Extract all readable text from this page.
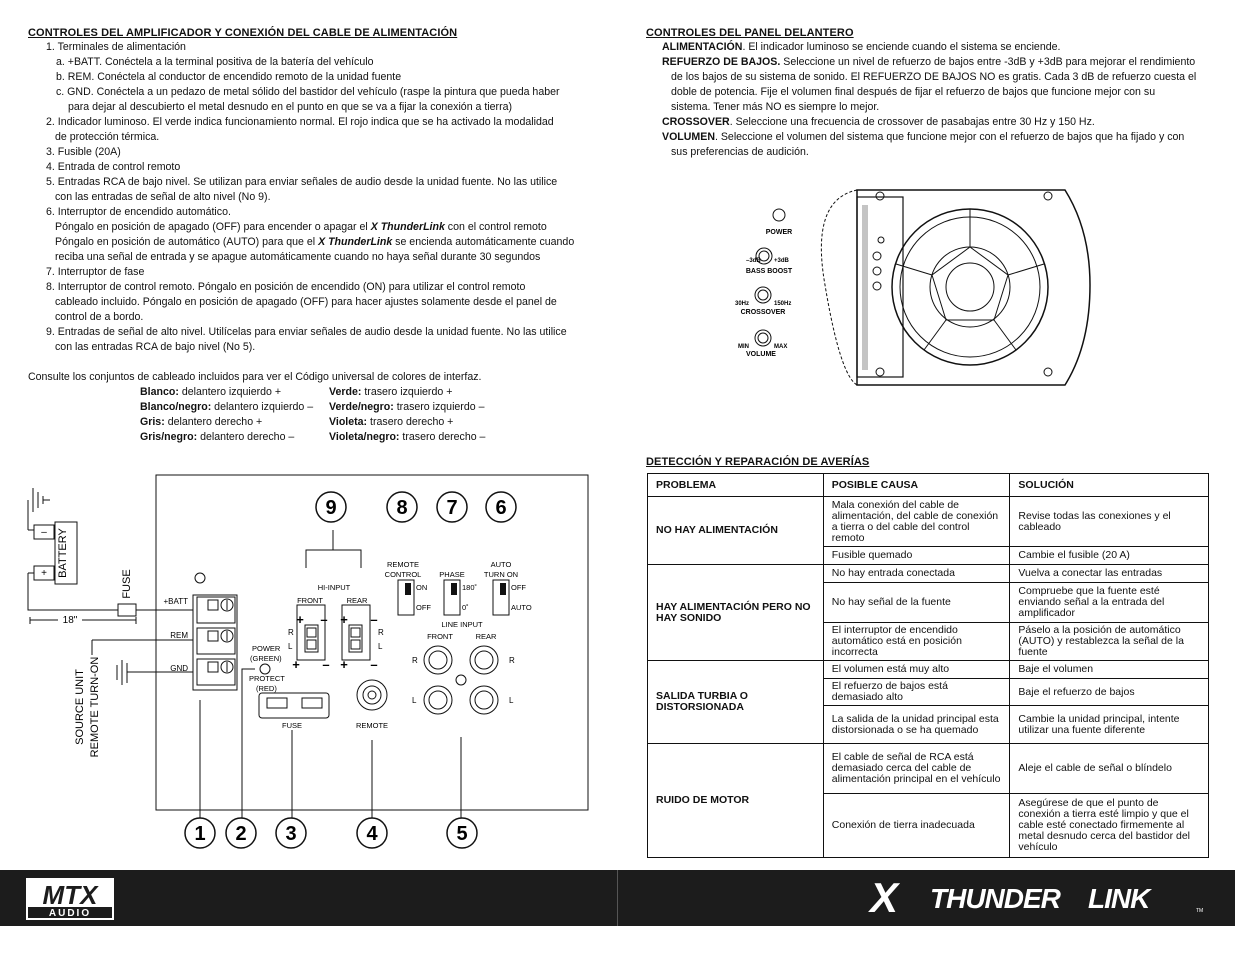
CONTROLES DEL AMPLIFICADOR Y CONEXIÓN DEL CABLE DE ALIMENTACIÓN
1. Terminales de alimentación
a. +BATT. Conéctela a la terminal positiva de la batería del vehículo
b. REM. Conéctela al conductor de encendido remoto de la unidad fuente
c. GND. Conéctela a un pedazo de metal sólido del bastidor del vehículo (raspe la pintura que pueda haber
para dejar al descubierto el metal desnudo en el punto en que se va a fijar la conexión a tierra)
2. Indicador luminoso. El verde indica funcionamiento normal. El rojo indica que se ha activado la modalidad
de protección térmica.
3. Fusible (20A)
4. Entrada de control remoto
5. Entradas RCA de bajo nivel. Se utilizan para enviar señales de audio desde la unidad fuente. No las utilice
con las entradas de señal de alto nivel (No 9).
6. Interruptor de encendido automático.
Póngalo en posición de apagado (OFF) para encender o apagar el X ThunderLink con el control remoto
Póngalo en posición de automático (AUTO) para que el X ThunderLink se encienda automáticamente cuando
reciba una señal de entrada y se apague automáticamente cuando no haya señal durante 30 segundos
7. Interruptor de fase
8. Interruptor de control remoto. Póngalo en posición de encendido (ON) para utilizar el control remoto
cableado incluido. Póngalo en posición de apagado (OFF) para hacer ajustes solamente desde el panel de
control de a bordo.
9. Entradas de señal de alto nivel. Utilícelas para enviar señales de audio desde la unidad fuente. No las utilice
con las entradas RCA de bajo nivel (No 5).
Consulte los conjuntos de cableado incluidos para ver el Código universal de colores de interfaz.
Blanco: delantero izquierdo +
Blanco/negro: delantero izquierdo –
Gris: delantero derecho +
Gris/negro: delantero derecho –
Verde: trasero izquierdo +
Verde/negro: trasero izquierdo –
Violeta: trasero derecho +
Violeta/negro: trasero derecho –
BATTERY
–
+	FUSE
18"
SOURCE UNIT REMOTE TURN-ON
+BATT
REM
GND
POWER
(GREEN)
PROTECT
(RED)
FUSE	REMOTE
REMOTE
CONTROL
ON
OFF
PHASE
180˚
0˚
AUTO
TURN ON
OFF
AUTO
HI-INPUT
FRONT	REAR
+ – + –
+ – + –
R
L
R
L
LINE INPUT
FRONT	REAR
R
L
R
L
1 2 3	4	5
6
7
8
9
CONTROLES DEL PANEL DELANTERO
ALIMENTACIÓN. El indicador luminoso se enciende cuando el sistema se enciende.
REFUERZO DE BAJOS. Seleccione un nivel de refuerzo de bajos entre -3dB y +3dB para mejorar el rendimiento
de los bajos de su sistema de sonido. El REFUERZO DE BAJOS NO es gratis. Cada 3 dB de refuerzo cuesta el
doble de potencia. Fije el volumen final después de fijar el refuerzo de bajos que funcione mejor con su
sistema. Tener más NO es siempre lo mejor.
CROSSOVER. Seleccione una frecuencia de crossover de pasabajas entre 30 Hz y 150 Hz.
VOLUMEN. Seleccione el volumen del sistema que funcione mejor con el refuerzo de bajos que ha fijado y con
sus preferencias de audición.
POWER
–3dB +3dB
BASS BOOST
30Hz	150Hz
CROSSOVER
MIN	MAX
VOLUME
DETECCIÓN Y REPARACIÓN DE AVERÍAS
PROBLEMA	POSIBLE CAUSA	SOLUCIÓN
NO HAY ALIMENTACIÓN	Mala conexión del cable de alimentación, del cable de conexión a tierra o del cable del control remoto	Revise todas las conexiones y el cableado
	Fusible quemado	Cambie el fusible (20 A)
HAY ALIMENTACIÓN PERO NO HAY SONIDO	No hay entrada conectada	Vuelva a conectar las entradas
	No hay señal de la fuente	Compruebe que la fuente esté enviando señal a la entrada del amplificador
	El interruptor de encendido automático está en posición incorrecta	Páselo a la posición de automático (AUTO) y restablezca la señal de la fuente
SALIDA TURBIA O DISTORSIONADA	El volumen está muy alto	Baje el volumen
	El refuerzo de bajos está demasiado alto	Baje el refuerzo de bajos
	La salida de la unidad principal esta distorsionada o se ha quemado	Cambie la unidad principal, intente utilizar una fuente diferente
RUIDO DE MOTOR	El cable de señal de RCA está demasiado cerca del cable de alimentación principal en el vehículo	Aleje el cable de señal o blíndelo
	Conexión de tierra inadecuada	Asegúrese de que el punto de conexión a tierra esté limpio y que el cable esté conectado firmemente al metal desnudo cerca del bastidor del vehículo
MTX
AUDIO	X THUNDER LINK	TM
